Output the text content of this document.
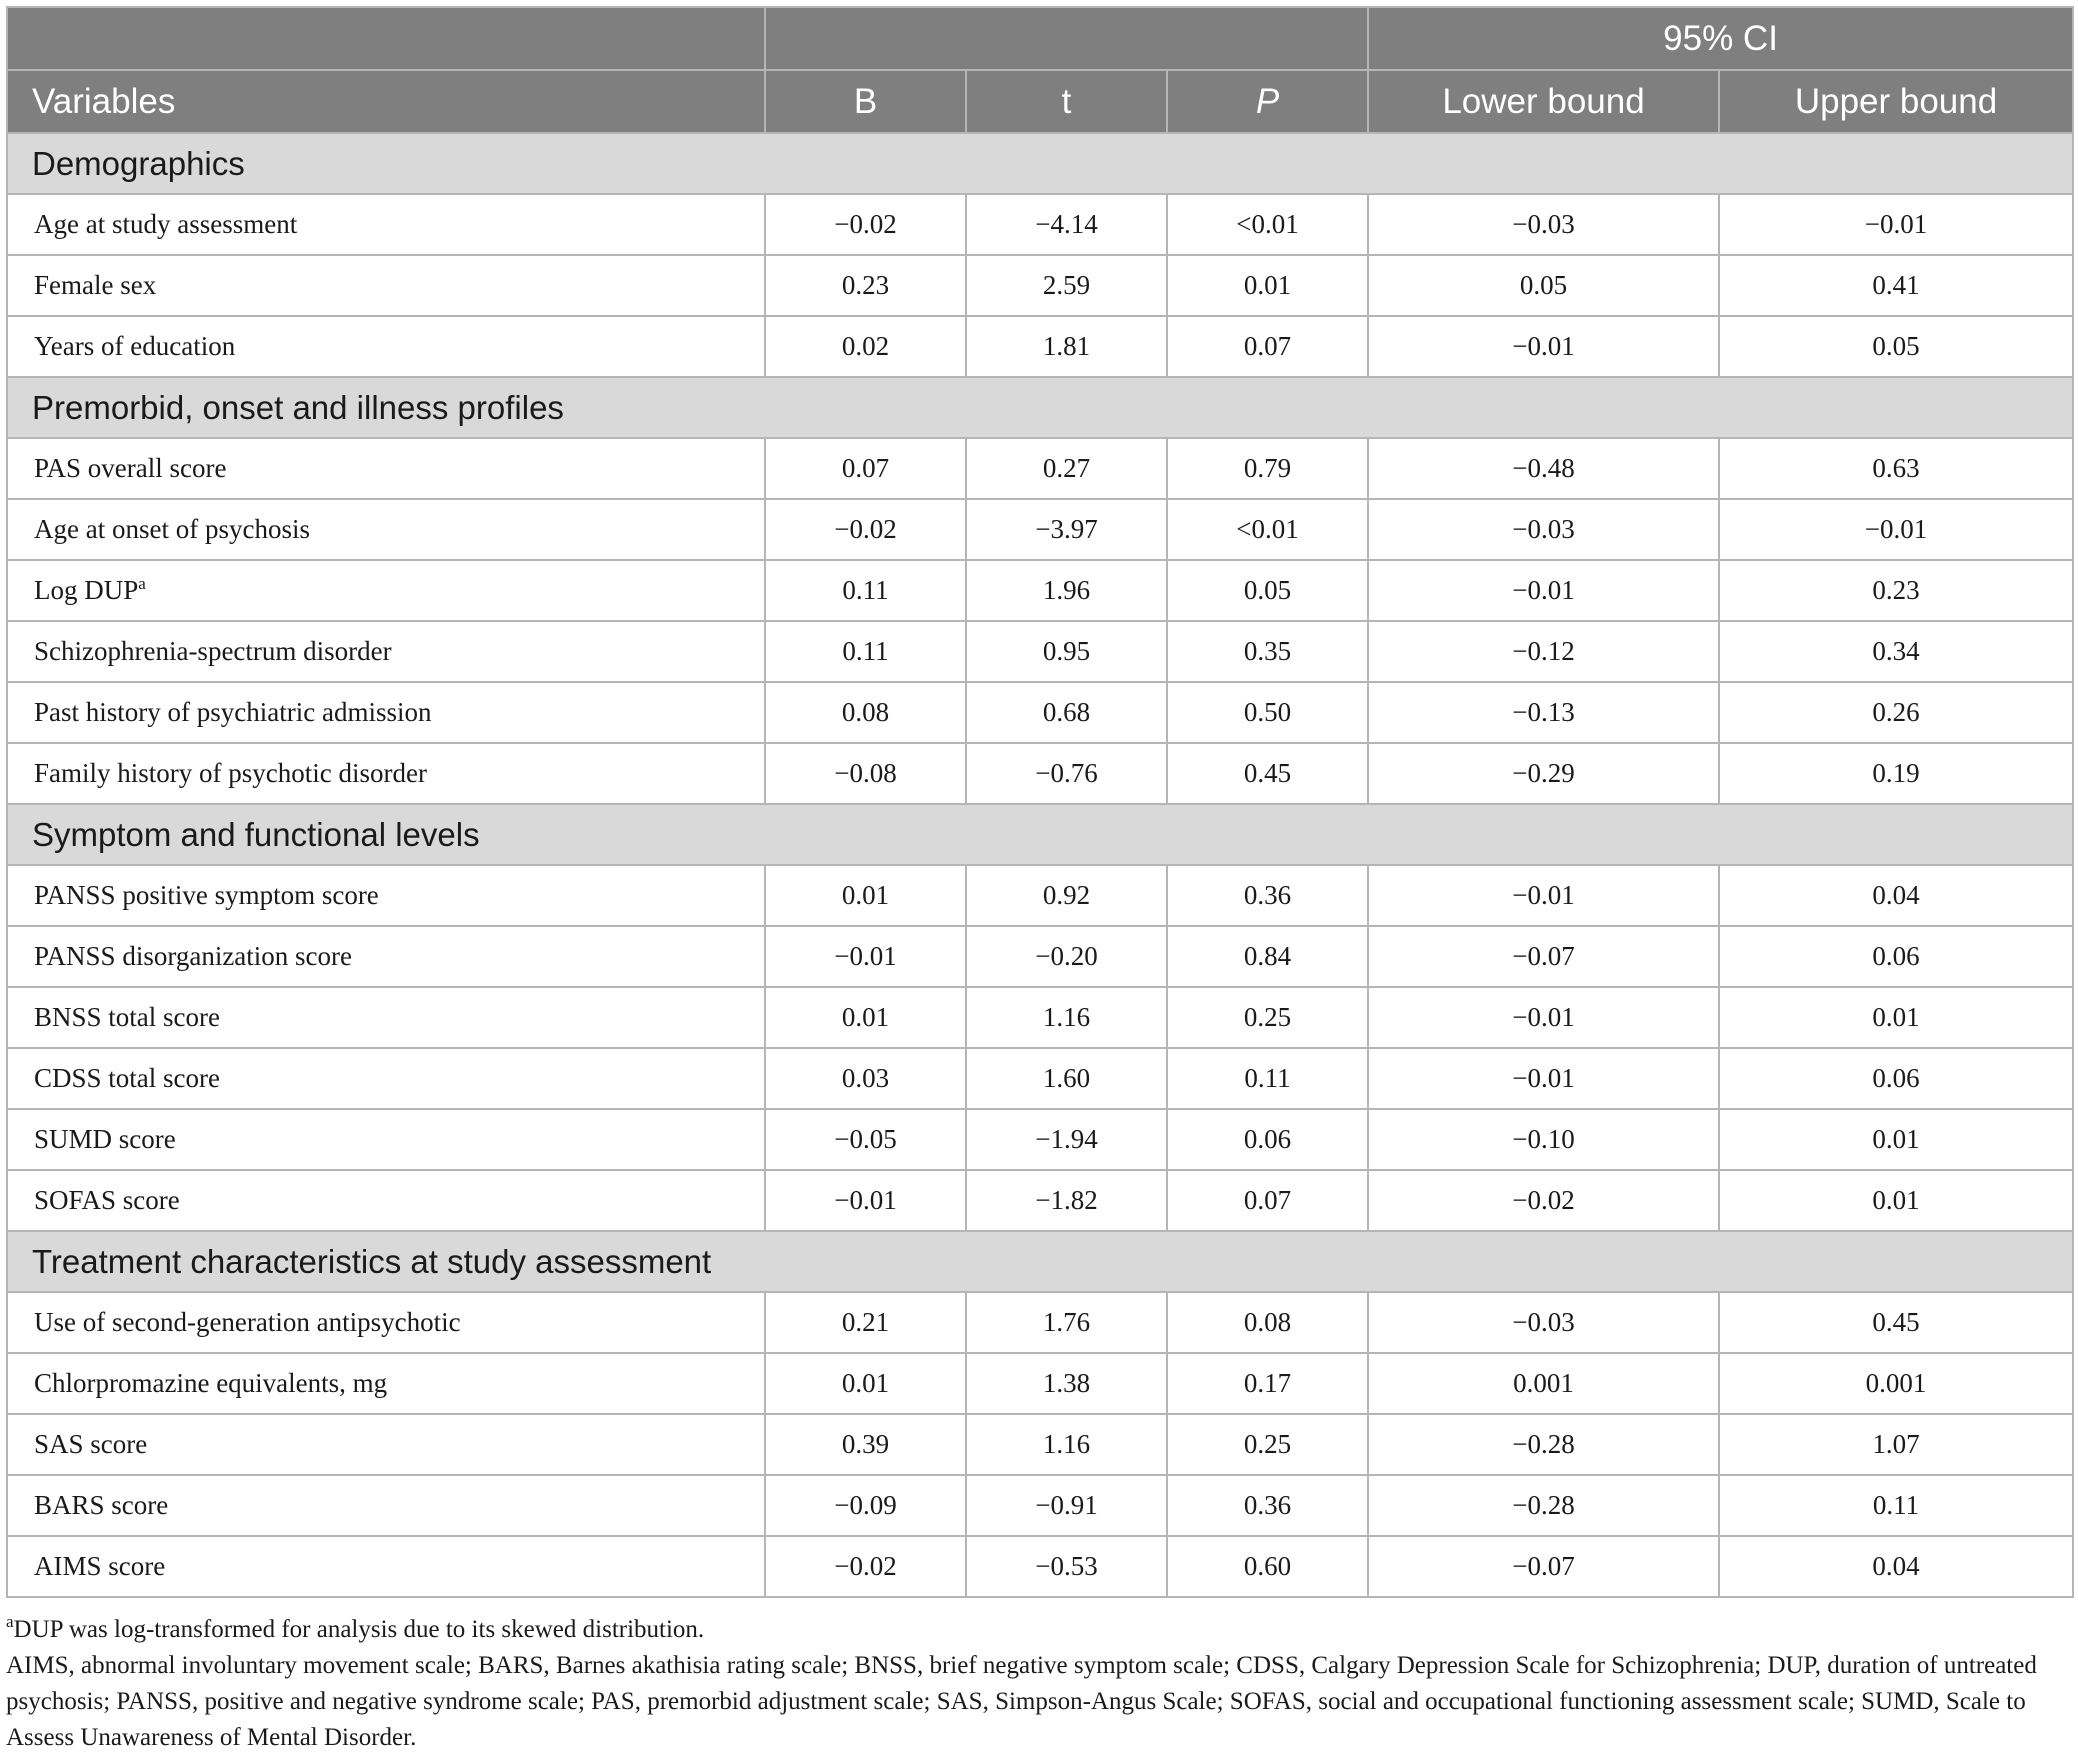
				95% CI	
Variables	B	t	P	Lower bound	Upper bound
Demographics					
Age at study assessment	−0.02	−4.14	<0.01	−0.03	−0.01
Female sex	0.23	2.59	0.01	0.05	0.41
Years of education	0.02	1.81	0.07	−0.01	0.05
Premorbid, onset and illness profiles					
PAS overall score	0.07	0.27	0.79	−0.48	0.63
Age at onset of psychosis	−0.02	−3.97	<0.01	−0.03	−0.01
Log DUP$^a$	0.11	1.96	0.05	−0.01	0.23
Schizophrenia-spectrum disorder	0.11	0.95	0.35	−0.12	0.34
Past history of psychiatric admission	0.08	0.68	0.50	−0.13	0.26
Family history of psychotic disorder	−0.08	−0.76	0.45	−0.29	0.19
Symptom and functional levels					
PANSS positive symptom score	0.01	0.92	0.36	−0.01	0.04
PANSS disorganization score	−0.01	−0.20	0.84	−0.07	0.06
BNSS total score	0.01	1.16	0.25	−0.01	0.01
CDSS total score	0.03	1.60	0.11	−0.01	0.06
SUMD score	−0.05	−1.94	0.06	−0.10	0.01
SOFAS score	−0.01	−1.82	0.07	−0.02	0.01
Treatment characteristics at study assessment					
Use of second-generation antipsychotic	0.21	1.76	0.08	−0.03	0.45
Chlorpromazine equivalents, mg	0.01	1.38	0.17	0.001	0.001
SAS score	0.39	1.16	0.25	−0.28	1.07
BARS score	−0.09	−0.91	0.36	−0.28	0.11
AIMS score	−0.02	−0.53	0.60	−0.07	0.04

$^a$DUP was log-transformed for analysis due to its skewed distribution.

AIMS, abnormal involuntary movement scale; BARS, Barnes akathisia rating scale; BNSS, brief negative symptom scale; CDSS, Calgary Depression Scale for Schizophrenia; DUP, duration of untreated psychosis; PANSS, positive and negative syndrome scale; PAS, premorbid adjustment scale; SAS, Simpson-Angus Scale; SOFAS, social and occupational functioning assessment scale; SUMD, Scale to Assess Unawareness of Mental Disorder.
